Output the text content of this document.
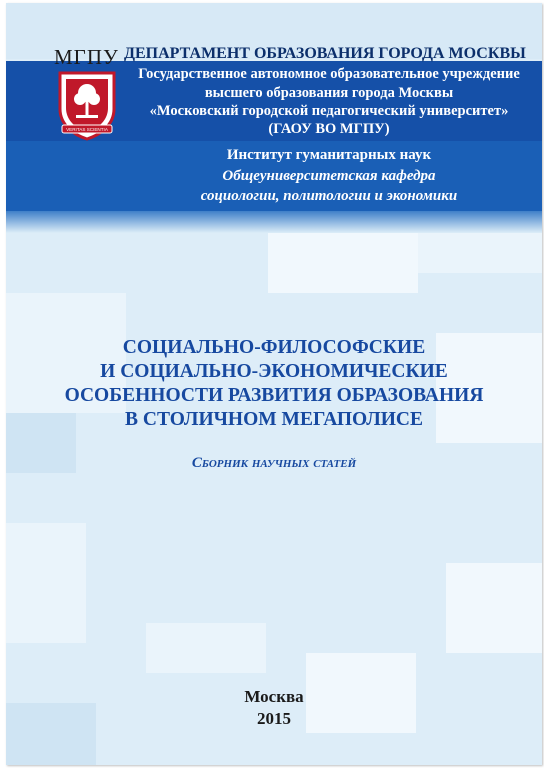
МГПУ
VERITAS SCIENTIA
ДЕПАРТАМЕНТ ОБРАЗОВАНИЯ ГОРОДА МОСКВЫ
Государственное автономное образовательное учреждение
высшего образования города Москвы
«Московский городской педагогический университет»
(ГАОУ ВО МГПУ)
Институт гуманитарных наук
Общеуниверситетская кафедра
социологии, политологии и экономики
СОЦИАЛЬНО-ФИЛОСОФСКИЕ
И СОЦИАЛЬНО-ЭКОНОМИЧЕСКИЕ
ОСОБЕННОСТИ РАЗВИТИЯ ОБРАЗОВАНИЯ
В СТОЛИЧНОМ МЕГАПОЛИСЕ
Сборник научных статей
Москва
2015
